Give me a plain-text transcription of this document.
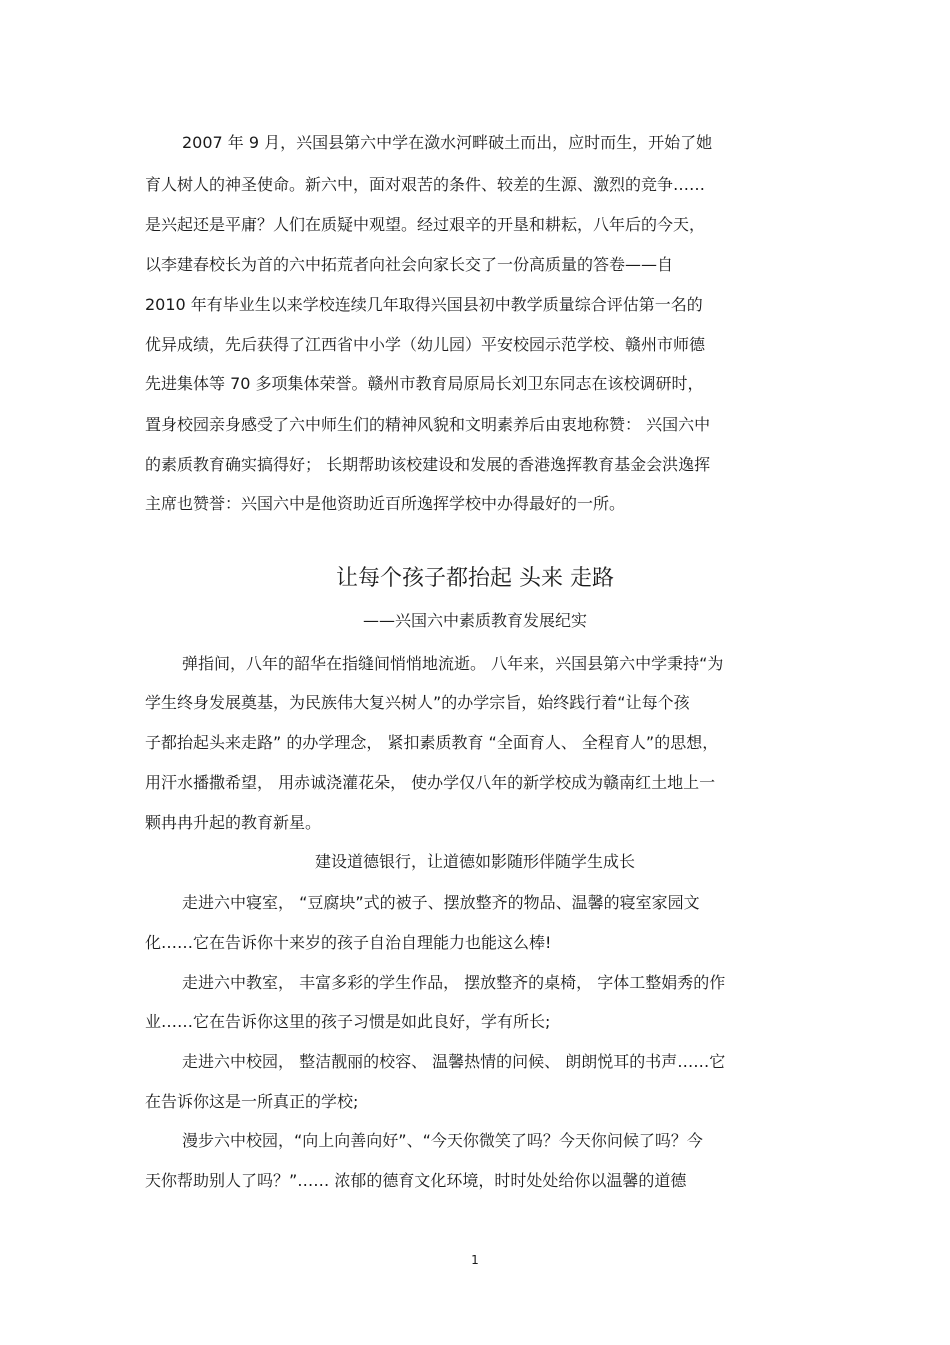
2007 年 9 月，兴国县第六中学在潋水河畔破土而出，应时而生，开始了她
育人树人的神圣使命。新六中，面对艰苦的条件、较差的生源、激烈的竞争……
是兴起还是平庸？人们在质疑中观望。经过艰辛的开垦和耕耘，八年后的今天，
以李建春校长为首的六中拓荒者向社会向家长交了一份高质量的答卷——自
2010 年有毕业生以来学校连续几年取得兴国县初中教学质量综合评估第一名的
优异成绩，先后获得了江西省中小学（幼儿园）平安校园示范学校、赣州市师德
先进集体等 70 多项集体荣誉。赣州市教育局原局长刘卫东同志在该校调研时，
置身校园亲身感受了六中师生们的精神风貌和文明素养后由衷地称赞： 兴国六中
的素质教育确实搞得好； 长期帮助该校建设和发展的香港逸挥教育基金会洪逸挥
主席也赞誉：兴国六中是他资助近百所逸挥学校中办得最好的一所。
让每个孩子都抬起 头来 走路
——兴国六中素质教育发展纪实
弹指间，八年的韶华在指缝间悄悄地流逝。 八年来，兴国县第六中学秉持“为
学生终身发展奠基，为民族伟大复兴树人”的办学宗旨，始终践行着“让每个孩
子都抬起头来走路” 的办学理念， 紧扣素质教育 “全面育人、 全程育人”的思想，
用汗水播撒希望， 用赤诚浇灌花朵， 使办学仅八年的新学校成为赣南红土地上一
颗冉冉升起的教育新星。
建设道德银行，让道德如影随形伴随学生成长
走进六中寝室， “豆腐块”式的被子、摆放整齐的物品、温馨的寝室家园文
化……它在告诉你十来岁的孩子自治自理能力也能这么棒!
走进六中教室， 丰富多彩的学生作品， 摆放整齐的桌椅， 字体工整娟秀的作
业……它在告诉你这里的孩子习惯是如此良好，学有所长;
走进六中校园， 整洁靓丽的校容、 温馨热情的问候、 朗朗悦耳的书声……它
在告诉你这是一所真正的学校;
漫步六中校园，“向上向善向好”、“今天你微笑了吗？今天你问候了吗？今
天你帮助别人了吗？”…… 浓郁的德育文化环境，时时处处给你以温馨的道德
1
